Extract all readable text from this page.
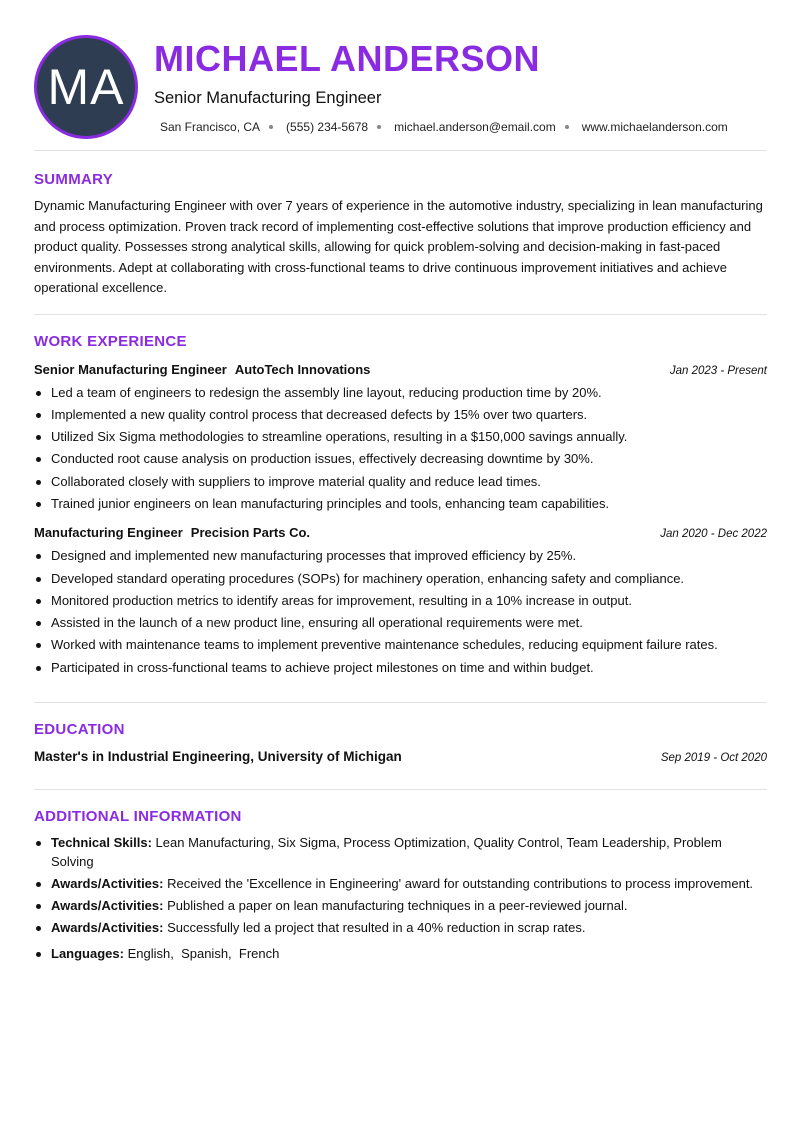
MA
MICHAEL ANDERSON
Senior Manufacturing Engineer
San Francisco, CA (555) 234-5678 michael.anderson@email.com www.michaelanderson.com
SUMMARY
Dynamic Manufacturing Engineer with over 7 years of experience in the automotive industry, specializing in lean manufacturing and process optimization. Proven track record of implementing cost-effective solutions that improve production efficiency and product quality. Possesses strong analytical skills, allowing for quick problem-solving and decision-making in fast-paced environments. Adept at collaborating with cross-functional teams to drive continuous improvement initiatives and achieve operational excellence.
WORK EXPERIENCE
Senior Manufacturing Engineer AutoTech Innovations	Jan 2023 - Present
Led a team of engineers to redesign the assembly line layout, reducing production time by 20%.
Implemented a new quality control process that decreased defects by 15% over two quarters.
Utilized Six Sigma methodologies to streamline operations, resulting in a $150,000 savings annually.
Conducted root cause analysis on production issues, effectively decreasing downtime by 30%.
Collaborated closely with suppliers to improve material quality and reduce lead times.
Trained junior engineers on lean manufacturing principles and tools, enhancing team capabilities.
Manufacturing Engineer Precision Parts Co.	Jan 2020 - Dec 2022
Designed and implemented new manufacturing processes that improved efficiency by 25%.
Developed standard operating procedures (SOPs) for machinery operation, enhancing safety and compliance.
Monitored production metrics to identify areas for improvement, resulting in a 10% increase in output.
Assisted in the launch of a new product line, ensuring all operational requirements were met.
Worked with maintenance teams to implement preventive maintenance schedules, reducing equipment failure rates.
Participated in cross-functional teams to achieve project milestones on time and within budget.
EDUCATION
Master's in Industrial Engineering, University of Michigan	Sep 2019 - Oct 2020
ADDITIONAL INFORMATION
Technical Skills: Lean Manufacturing, Six Sigma, Process Optimization, Quality Control, Team Leadership, Problem Solving
Awards/Activities: Received the 'Excellence in Engineering' award for outstanding contributions to process improvement.
Awards/Activities: Published a paper on lean manufacturing techniques in a peer-reviewed journal.
Awards/Activities: Successfully led a project that resulted in a 40% reduction in scrap rates.
Languages: English,  Spanish,  French
